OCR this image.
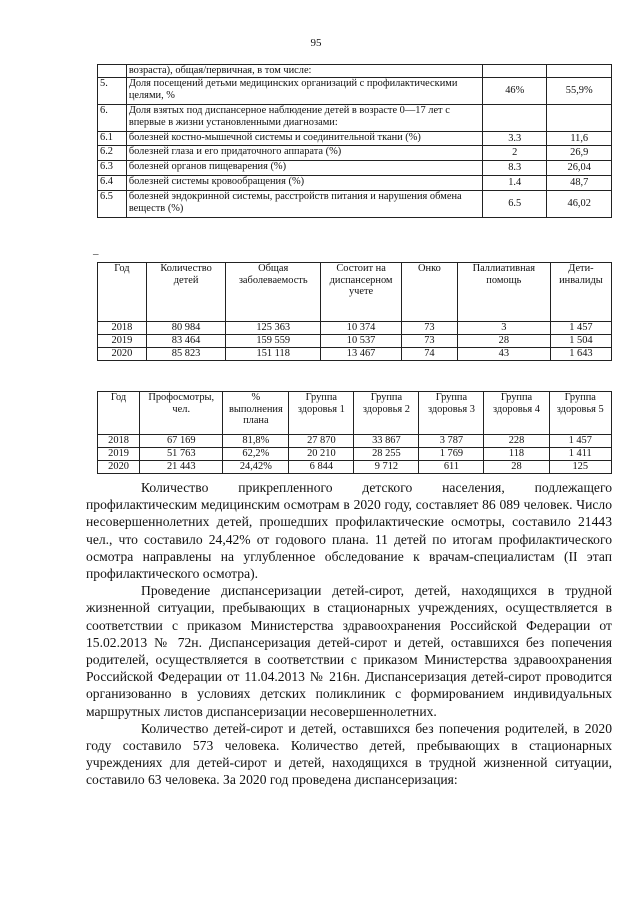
95
	возраста), общая/первичная, в том числе:		
5.	Доля посещений детьми медицинских организаций с профилактическими целями, %	46%	55,9%
6.	Доля взятых под диспансерное наблюдение детей в возрасте 0—17 лет с впервые в жизни установленными диагнозами:		
6.1	болезней костно-мышечной системы и соединительной ткани (%)	3.3	11,6
6.2	болезней глаза и его придаточного аппарата (%)	2	26,9
6.3	болезней органов пищеварения (%)	8.3	26,04
6.4	болезней системы кровообращения (%)	1.4	48,7
6.5	болезней эндокринной системы, расстройств питания и нарушения обмена веществ (%)	6.5	46,02
–
Год	Количество детей	Общая заболеваемость	Состоит на диспансерном учете	Онко	Паллиативная помощь	Дети-инвалиды
2018	80 984	125 363	10 374	73	3	1 457
2019	83 464	159 559	10 537	73	28	1 504
2020	85 823	151 118	13 467	74	43	1 643
Год	Профосмотры, чел.	% выполнения плана	Группа здоровья 1	Группа здоровья 2	Группа здоровья 3	Группа здоровья 4	Группа здоровья 5
2018	67 169	81,8%	27 870	33 867	3 787	228	1 457
2019	51 763	62,2%	20 210	28 255	1 769	118	1 411
2020	21 443	24,42%	6 844	9 712	611	28	125

Количество прикрепленного детского населения, подлежащего профилактическим медицинским осмотрам в 2020 году, составляет 86 089 человек. Число несовершеннолетних детей, прошедших профилактические осмотры, составило 21443 чел., что составило 24,42% от годового плана. 11 детей по итогам профилактического осмотра направлены на углубленное обследование к врачам-специалистам (II этап профилактического осмотра).

Проведение диспансеризации детей-сирот, детей, находящихся в трудной жизненной ситуации, пребывающих в стационарных учреждениях, осуществляется в соответствии с приказом Министерства здравоохранения Российской Федерации от 15.02.2013 № 72н. Диспансеризация детей-сирот и детей, оставшихся без попечения родителей, осуществляется в соответствии с приказом Министерства здравоохранения Российской Федерации от 11.04.2013 № 216н. Диспансеризация детей-сирот проводится организованно в условиях детских поликлиник с формированием индивидуальных маршрутных листов диспансеризации несовершеннолетних.

Количество детей-сирот и детей, оставшихся без попечения родителей, в 2020 году составило 573 человека. Количество детей, пребывающих в стационарных учреждениях для детей-сирот и детей, находящихся в трудной жизненной ситуации, составило 63 человека. За 2020 год проведена диспансеризация:
